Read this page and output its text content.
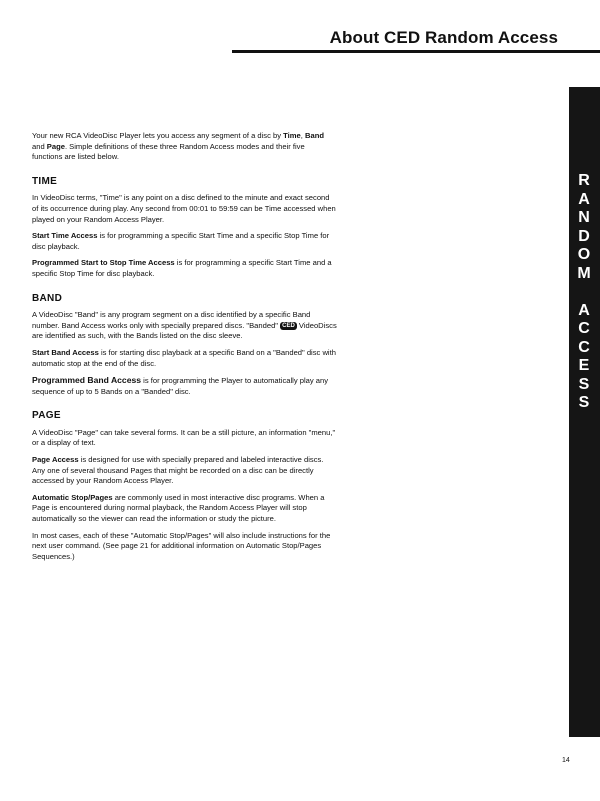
About CED Random Access
R
A
N
D
O
M
A
C
C
E
S
S

Your new RCA VideoDisc Player lets you access any segment of a disc by Time, Band and Page. Simple definitions of these three Random Access modes and their five functions are listed below.

TIME

In VideoDisc terms, "Time" is any point on a disc defined to the minute and exact second of its occurrence during play. Any second from 00:01 to 59:59 can be Time accessed when played on your Random Access Player.

Start Time Access is for programming a specific Start Time and a specific Stop Time for disc playback.

Programmed Start to Stop Time Access is for programming a specific Start Time and a specific Stop Time for disc playback.

BAND

A VideoDisc "Band" is any program segment on a disc identified by a specific Band number. Band Access works only with specially prepared discs. "Banded" CED VideoDiscs are identified as such, with the Bands listed on the disc sleeve.

Start Band Access is for starting disc playback at a specific Band on a "Banded" disc with automatic stop at the end of the disc.

Programmed Band Access is for programming the Player to automatically play any sequence of up to 5 Bands on a "Banded" disc.

PAGE

A VideoDisc "Page" can take several forms. It can be a still picture, an information "menu," or a display of text.

Page Access is designed for use with specially prepared and labeled interactive discs. Any one of several thousand Pages that might be recorded on a disc can be directly accessed by your Random Access Player.

Automatic Stop/Pages are commonly used in most interactive disc programs. When a Page is encountered during normal playback, the Random Access Player will stop automatically so the viewer can read the information or study the picture.

In most cases, each of these "Automatic Stop/Pages" will also include instructions for the next user command. (See page 21 for additional information on Automatic Stop/Pages Sequences.)

14
